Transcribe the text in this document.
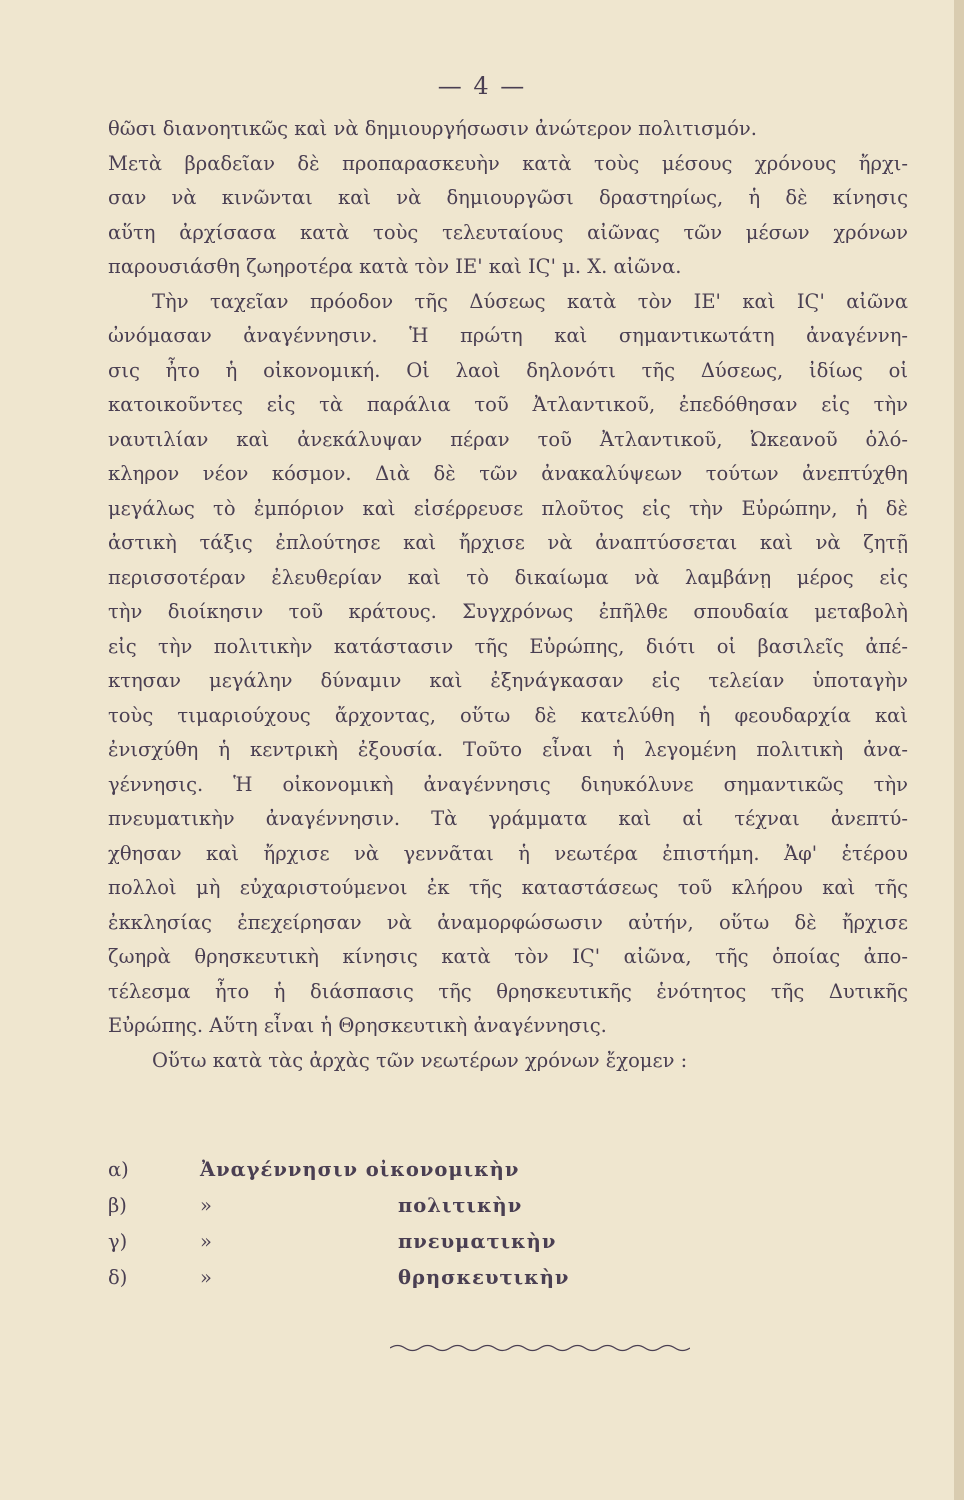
— 4 —
θῶσι διανοητικῶς καὶ νὰ δημιουργήσωσιν ἀνώτερον πολιτισμόν.
Μετὰ βραδεῖαν δὲ προπαρασκευὴν κατὰ τοὺς μέσους χρόνους ἤρχι-
σαν νὰ κινῶνται καὶ νὰ δημιουργῶσι δραστηρίως, ἡ δὲ κίνησις
αὕτη ἀρχίσασα κατὰ τοὺς τελευταίους αἰῶνας τῶν μέσων χρόνων
παρουσιάσθη ζωηροτέρα κατὰ τὸν ΙΕ' καὶ ΙϚ' μ. Χ. αἰῶνα.
Τὴν ταχεῖαν πρόοδον τῆς Δύσεως κατὰ τὸν ΙΕ' καὶ ΙϚ' αἰῶνα
ὠνόμασαν ἀναγέννησιν. Ἡ πρώτη καὶ σημαντικωτάτη ἀναγέννη-
σις ἦτο ἡ οἰκονομική. Οἱ λαοὶ δηλονότι τῆς Δύσεως, ἰδίως οἱ
κατοικοῦντες εἰς τὰ παράλια τοῦ Ἀτλαντικοῦ, ἐπεδόθησαν εἰς τὴν
ναυτιλίαν καὶ ἀνεκάλυψαν πέραν τοῦ Ἀτλαντικοῦ, Ὠκεανοῦ ὁλό-
κληρον νέον κόσμον. Διὰ δὲ τῶν ἀνακαλύψεων τούτων ἀνεπτύχθη
μεγάλως τὸ ἐμπόριον καὶ εἰσέρρευσε πλοῦτος εἰς τὴν Εὐρώπην, ἡ δὲ
ἀστικὴ τάξις ἐπλούτησε καὶ ἤρχισε νὰ ἀναπτύσσεται καὶ νὰ ζητῇ
περισσοτέραν ἐλευθερίαν καὶ τὸ δικαίωμα νὰ λαμβάνῃ μέρος εἰς
τὴν διοίκησιν τοῦ κράτους. Συγχρόνως ἐπῆλθε σπουδαία μεταβολὴ
εἰς τὴν πολιτικὴν κατάστασιν τῆς Εὐρώπης, διότι οἱ βασιλεῖς ἀπέ-
κτησαν μεγάλην δύναμιν καὶ ἐξηνάγκασαν εἰς τελείαν ὑποταγὴν
τοὺς τιμαριούχους ἄρχοντας, οὕτω δὲ κατελύθη ἡ φεουδαρχία καὶ
ἐνισχύθη ἡ κεντρικὴ ἐξουσία. Τοῦτο εἶναι ἡ λεγομένη πολιτικὴ ἀνα-
γέννησις. Ἡ οἰκονομικὴ ἀναγέννησις διηυκόλυνε σημαντικῶς τὴν
πνευματικὴν ἀναγέννησιν. Τὰ γράμματα καὶ αἱ τέχναι ἀνεπτύ-
χθησαν καὶ ἤρχισε νὰ γεννᾶται ἡ νεωτέρα ἐπιστήμη. Ἀφ' ἑτέρου
πολλοὶ μὴ εὐχαριστούμενοι ἐκ τῆς καταστάσεως τοῦ κλήρου καὶ τῆς
ἐκκλησίας ἐπεχείρησαν νὰ ἀναμορφώσωσιν αὐτήν, οὕτω δὲ ἤρχισε
ζωηρὰ θρησκευτικὴ κίνησις κατὰ τὸν ΙϚ' αἰῶνα, τῆς ὁποίας ἀπο-
τέλεσμα ἦτο ἡ διάσπασις τῆς θρησκευτικῆς ἑνότητος τῆς Δυτικῆς
Εὐρώπης. Αὕτη εἶναι ἡ Θρησκευτικὴ ἀναγέννησις.
Οὕτω κατὰ τὰς ἀρχὰς τῶν νεωτέρων χρόνων ἔχομεν :
α)	Ἀναγέννησιν οἰκονομικὴν
β)	»	πολιτικὴν
γ)	»	πνευματικὴν
δ)	»	θρησκευτικὴν
